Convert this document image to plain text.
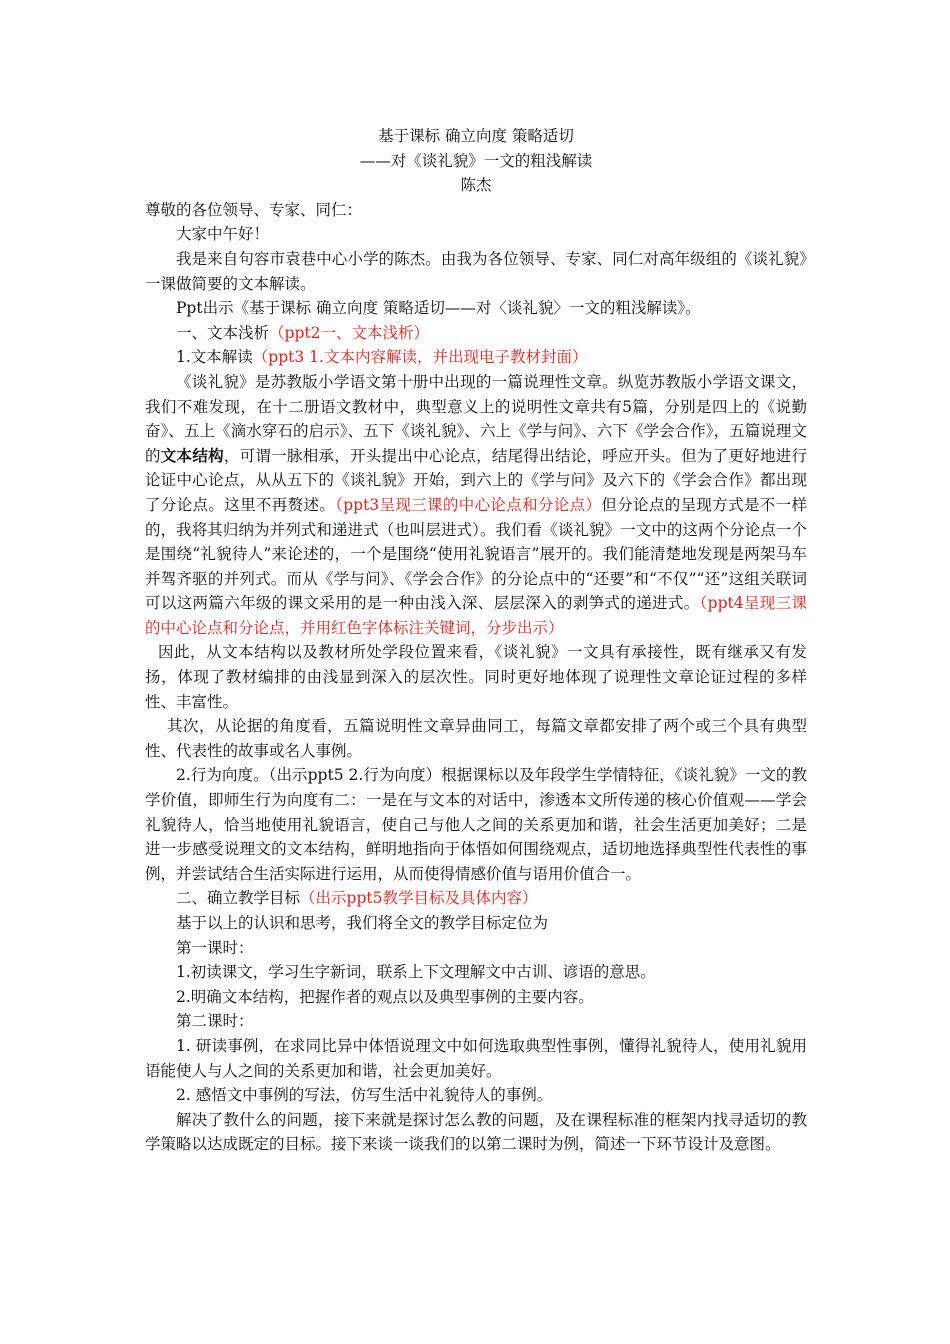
基于课标 确立向度 策略适切

——对《谈礼貌》一文的粗浅解读

陈杰

尊敬的各位领导、专家、同仁：

大家中午好！

我是来自句容市袁巷中心小学的陈杰。由我为各位领导、专家、同仁对高年级组的《谈礼貌》一课做简要的文本解读。

Ppt出示《基于课标 确立向度 策略适切——对〈谈礼貌〉一文的粗浅解读》。

一、文本浅析（ppt2一、文本浅析）

1.文本解读（ppt3 1.文本内容解读，并出现电子教材封面）

《谈礼貌》是苏教版小学语文第十册中出现的一篇说理性文章。纵览苏教版小学语文课文，我们不难发现，在十二册语文教材中，典型意义上的说明性文章共有5篇，分别是四上的《说勤奋》、五上《滴水穿石的启示》、五下《谈礼貌》、六上《学与问》、六下《学会合作》，五篇说理文的文本结构，可谓一脉相承，开头提出中心论点，结尾得出结论，呼应开头。但为了更好地进行论证中心论点，从从五下的《谈礼貌》开始，到六上的《学与问》及六下的《学会合作》都出现了分论点。这里不再赘述。（ppt3呈现三课的中心论点和分论点）但分论点的呈现方式是不一样的，我将其归纳为并列式和递进式（也叫层进式）。我们看《谈礼貌》一文中的这两个分论点一个是围绕“礼貌待人”来论述的，一个是围绕“使用礼貌语言”展开的。我们能清楚地发现是两架马车并驾齐驱的并列式。而从《学与问》、《学会合作》的分论点中的“还要”和“不仅”“还”这组关联词可以这两篇六年级的课文采用的是一种由浅入深、层层深入的剥笋式的递进式。（ppt4呈现三课的中心论点和分论点，并用红色字体标注关键词，分步出示）

因此，从文本结构以及教材所处学段位置来看，《谈礼貌》一文具有承接性，既有继承又有发扬，体现了教材编排的由浅显到深入的层次性。同时更好地体现了说理性文章论证过程的多样性、丰富性。

其次，从论据的角度看，五篇说明性文章异曲同工，每篇文章都安排了两个或三个具有典型性、代表性的故事或名人事例。

2.行为向度。（出示ppt5 2.行为向度）根据课标以及年段学生学情特征，《谈礼貌》一文的教学价值，即师生行为向度有二：一是在与文本的对话中，渗透本文所传递的核心价值观——学会礼貌待人，恰当地使用礼貌语言，使自己与他人之间的关系更加和谐，社会生活更加美好；二是进一步感受说理文的文本结构，鲜明地指向于体悟如何围绕观点，适切地选择典型性代表性的事例，并尝试结合生活实际进行运用，从而使得情感价值与语用价值合一。

二、确立教学目标（出示ppt5教学目标及具体内容）

基于以上的认识和思考，我们将全文的教学目标定位为

第一课时：

1.初读课文，学习生字新词，联系上下文理解文中古训、谚语的意思。

2.明确文本结构，把握作者的观点以及典型事例的主要内容。

第二课时：

1. 研读事例，在求同比异中体悟说理文中如何选取典型性事例，懂得礼貌待人，使用礼貌用语能使人与人之间的关系更加和谐，社会更加美好。

2. 感悟文中事例的写法，仿写生活中礼貌待人的事例。

解决了教什么的问题，接下来就是探讨怎么教的问题，及在课程标准的框架内找寻适切的教学策略以达成既定的目标。接下来谈一谈我们的以第二课时为例，简述一下环节设计及意图。
